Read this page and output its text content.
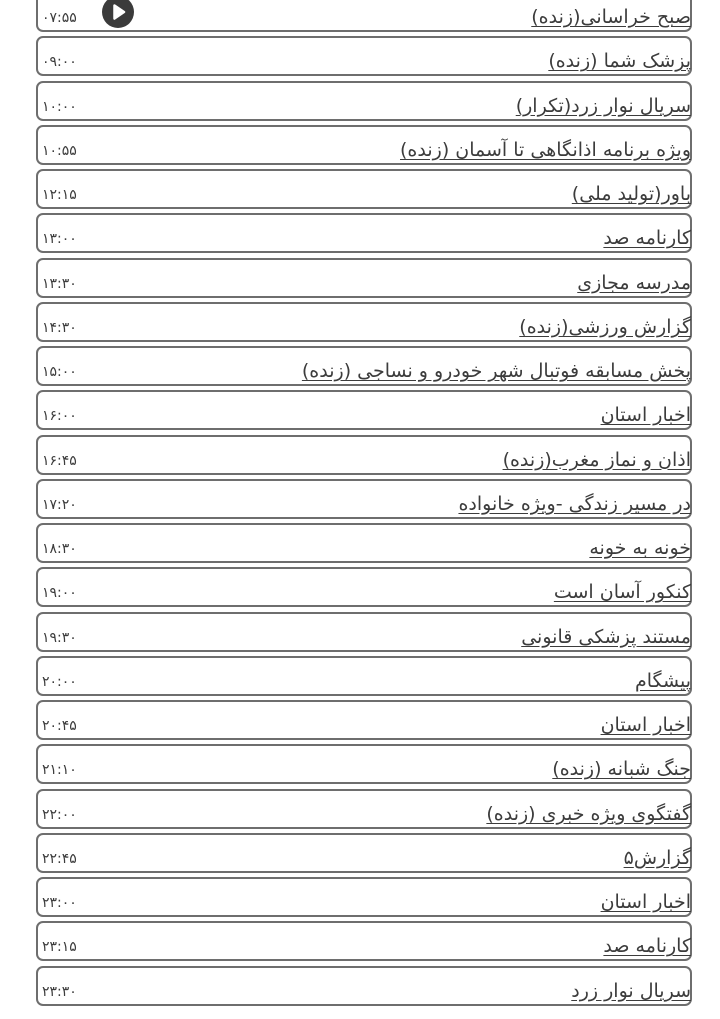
صبح خراسانی(زنده)
۰۷:۵۵
پزشک شما (زنده)
۰۹:۰۰
سریال نوار زرد(تکرار)
۱۰:۰۰
ویژه برنامه اذانگاهی تا آسمان (زنده)
۱۰:۵۵
باور(تولید ملی)
۱۲:۱۵
کارنامه صد
۱۳:۰۰
مدرسه مجازی
۱۳:۳۰
گزارش ورزشی(زنده)
۱۴:۳۰
پخش مسابقه فوتبال شهر خودرو و نساجی (زنده)
۱۵:۰۰
اخبار استان
۱۶:۰۰
اذان و نماز مغرب(زنده)
۱۶:۴۵
در مسیر زندگی -ویژه خانواده
۱۷:۲۰
خونه به خونه
۱۸:۳۰
کنکور آسان است
۱۹:۰۰
مستند پزشکی قانونی
۱۹:۳۰
پیشگام
۲۰:۰۰
اخبار استان
۲۰:۴۵
جنگ شبانه (زنده)
۲۱:۱۰
گفتگوی ویژه خبری (زنده)
۲۲:۰۰
گزارش۵
۲۲:۴۵
اخبار استان
۲۳:۰۰
کارنامه صد
۲۳:۱۵
سریال نوار زرد
۲۳:۳۰
